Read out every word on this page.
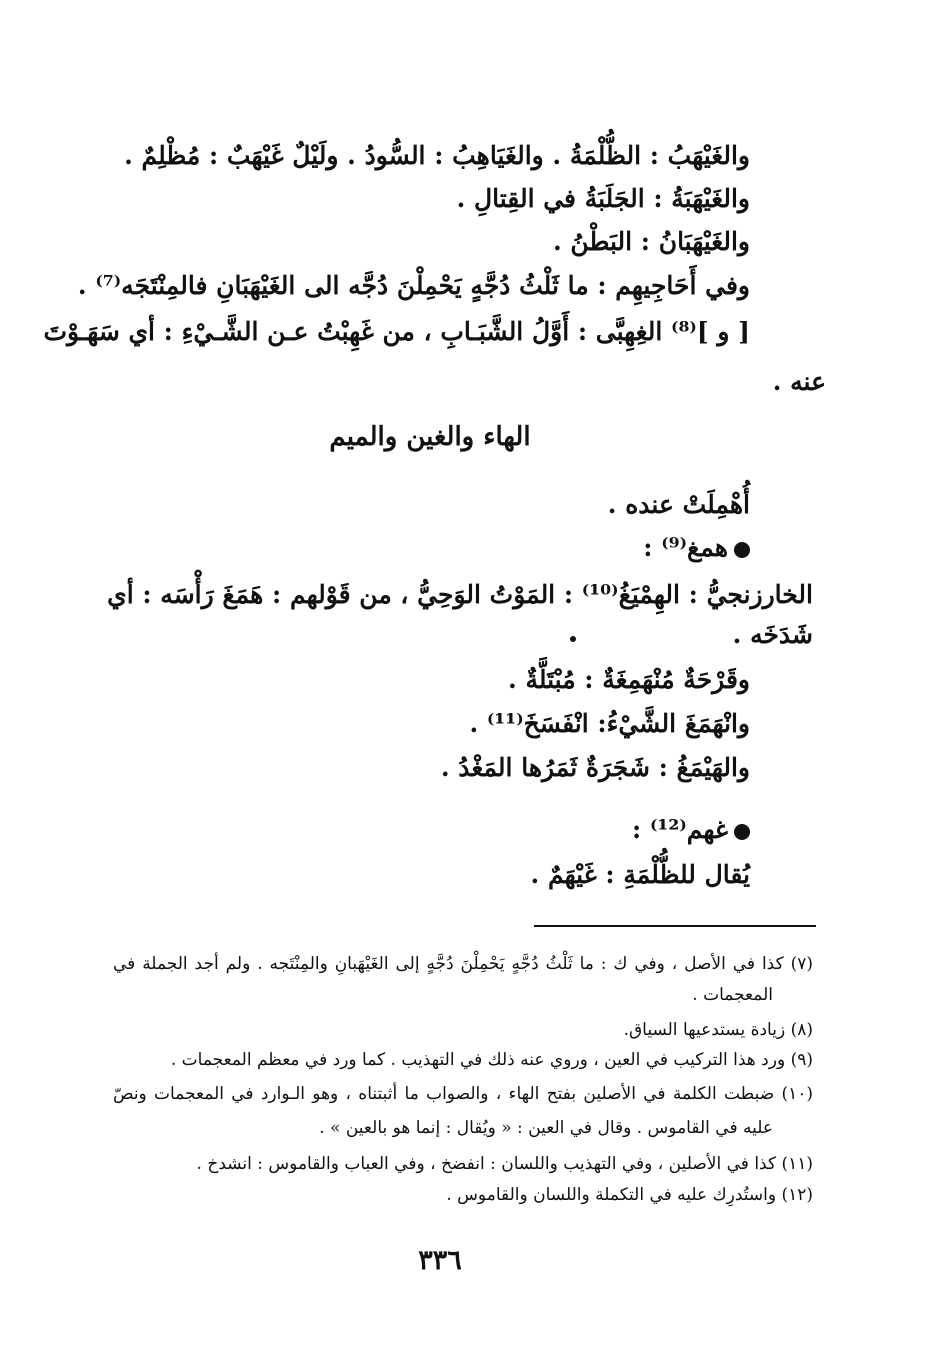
والغَيْهَبُ : الظُّلْمَةُ . والغَيَاهِبُ : السُّودُ . ولَيْلٌ غَيْهَبٌ : مُظْلِمٌ .
والغَيْهَبَةُ : الجَلَبَةُ في القِتالِ .
والغَيْهَبَانُ : البَطْنُ .
وفي أَحَاجِيهِم : ما ثَلْثُ دُجَّهٍ يَحْمِلْنَ دُجَّه الى الغَيْهَبَانِ فالمِنْتَجَه⁽⁷⁾ .
[ و ]⁽⁸⁾ الغِهِبَّى : أَوَّلُ الشَّبَـابِ ، من غَهِبْتُ عـن الشَّـيْءِ : أي سَهَـوْتَ
عنه .
الهاء والغين والميم
أُهْمِلَتْ عنده .
همغ⁽⁹⁾ :
الخارزنجيُّ : الهِمْيَغُ⁽¹⁰⁾ : المَوْتُ الوَحِيُّ ، من قَوْلهم : هَمَغَ رَأْسَه : أي
شَدَخَه .
وقَرْحَةٌ مُنْهَمِغَةٌ : مُبْتَلَّةٌ .
وانْهَمَغَ الشَّيْءُ: انْفَسَخَ⁽¹¹⁾ .
والهَيْمَغُ : شَجَرَةٌ ثَمَرُها المَغْدُ .
غهم⁽¹²⁾ :
يُقال للظُّلْمَةِ : غَيْهَمٌ .
(٧) كذا في الأصل ، وفي ك : ما ثَلْثُ دُجَّهٍ يَحْمِلْنَ دُجَّهٍ إلى الغَيْهَبانِ والمِنْتَجه . ولم أجد الجملة في
المعجمات .
(٨) زيادة يستدعيها السياق.
(٩) ورد هذا التركيب في العين ، وروي عنه ذلك في التهذيب . كما ورد في معظم المعجمات .
(١٠) ضبطت الكلمة في الأصلين بفتح الهاء ، والصواب ما أثبتناه ، وهو الـوارد في المعجمات ونصّ
عليه في القاموس . وقال في العين : « ويُقال : إنما هو بالعين » .
(١١) كذا في الأصلين ، وفي التهذيب واللسان : انفضخ ، وفي العباب والقاموس : انشدخ .
(١٢) واستُدرِك عليه في التكملة واللسان والقاموس .
٣٣٦
